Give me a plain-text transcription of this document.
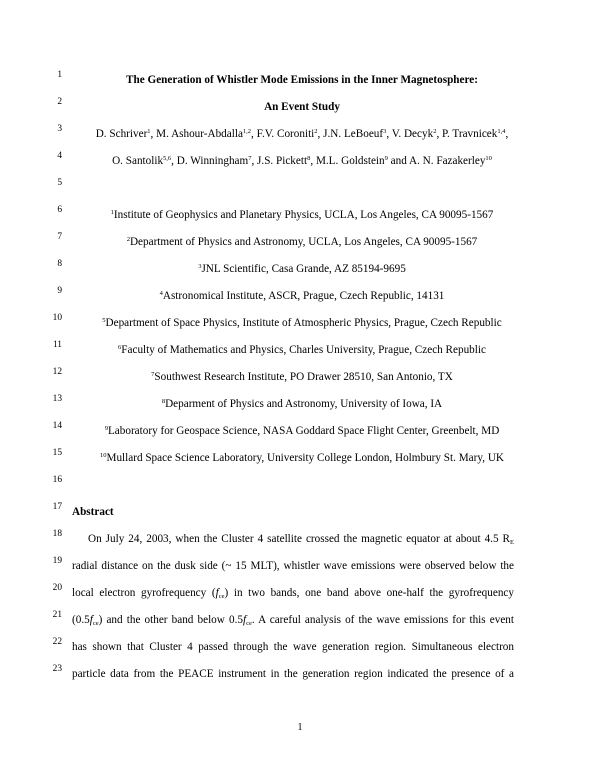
1
2
3
4
5
6
7
8
9
10
11
12
13
14
15
16
17
18
19
20
21
22
23
The Generation of Whistler Mode Emissions in the Inner Magnetosphere:
An Event Study
D. Schriver$^1$, M. Ashour-Abdalla$^{1,2}$, F.V. Coroniti$^2$, J.N. LeBoeuf$^3$, V. Decyk$^2$, P. Travnicek$^{1,4}$,
O. Santolik$^{5,6}$, D. Winningham$^7$, J.S. Pickett$^8$, M.L. Goldstein$^9$ and A. N. Fazakerley$^{10}$
$^1$Institute of Geophysics and Planetary Physics, UCLA, Los Angeles, CA 90095-1567
$^2$Department of Physics and Astronomy, UCLA, Los Angeles, CA 90095-1567
$^3$JNL Scientific, Casa Grande, AZ 85194-9695
$^4$Astronomical Institute, ASCR, Prague, Czech Republic, 14131
$^5$Department of Space Physics, Institute of Atmospheric Physics, Prague, Czech Republic
$^6$Faculty of Mathematics and Physics, Charles University, Prague, Czech Republic
$^7$Southwest Research Institute, PO Drawer 28510, San Antonio, TX
$^8$Deparment of Physics and Astronomy, University of Iowa, IA
$^9$Laboratory for Geospace Science, NASA Goddard Space Flight Center, Greenbelt, MD
$^{10}$Mullard Space Science Laboratory, University College London, Holmbury St. Mary, UK
Abstract
On July 24, 2003, when the Cluster 4 satellite crossed the magnetic equator at about 4.5 $R_E$
radial distance on the dusk side (~ 15 MLT), whistler wave emissions were observed below the
local electron gyrofrequency $(f_{ce})$ in two bands, one band above one-half the gyrofrequency
$(0.5f_{ce})$ and the other band below $0.5f_{ce}$. A careful analysis of the wave emissions for this event
has shown that Cluster 4 passed through the wave generation region. Simultaneous electron
particle data from the PEACE instrument in the generation region indicated the presence of a
1
